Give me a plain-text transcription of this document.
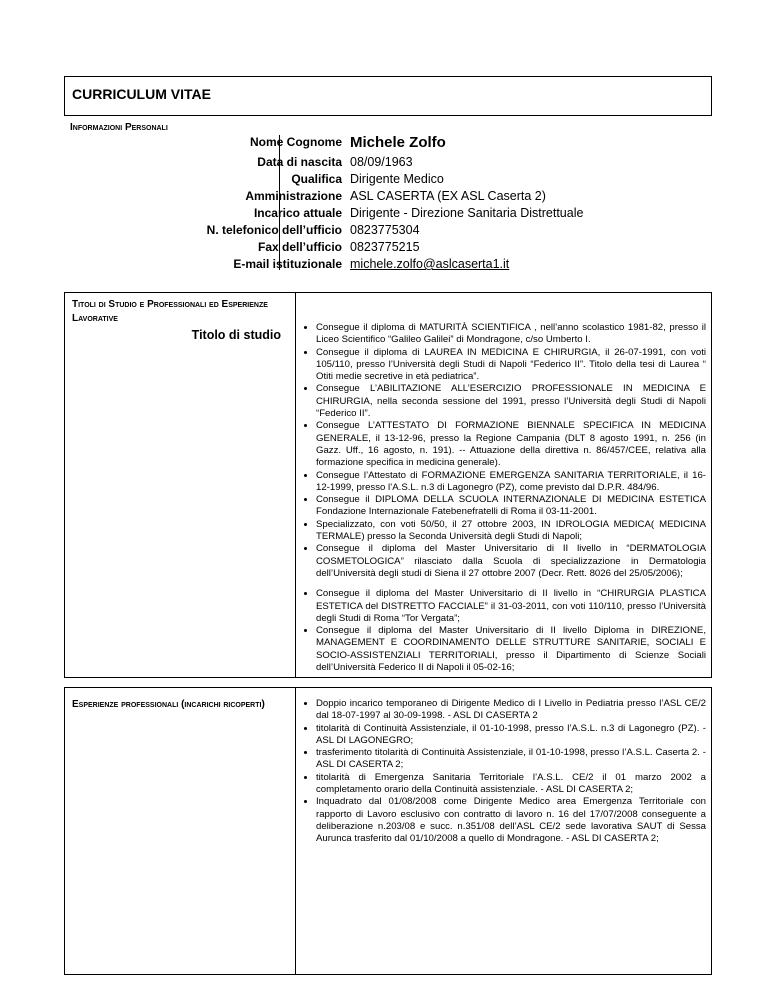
CURRICULUM VITAE
Informazioni Personali
Nome Cognome Michele Zolfo
Data di nascita 08/09/1963
Qualifica Dirigente Medico
Amministrazione ASL CASERTA (EX ASL Caserta 2)
Incarico attuale Dirigente - Direzione Sanitaria Distrettuale
N. telefonico dell’ufficio 0823775304
Fax dell’ufficio 0823775215
E-mail istituzionale michele.zolfo@aslcaserta1.it
Titoli di Studio e Professionali ed Esperienze Lavorative
Titolo di studio
• Consegue il diploma di MATURITÀ SCIENTIFICA , nell’anno scolastico 1981-82, presso il Liceo Scientifico “Galileo Galilei” di Mondragone, c/so Umberto I.
• Consegue il diploma di LAUREA IN MEDICINA E CHIRURGIA, il 26-07-1991, con voti 105/110, presso l’Università degli Studi di Napoli “Federico II”. Titolo della tesi di Laurea “ Otiti medie secretive in età pediatrica”.
• Consegue L’ABILITAZIONE ALL’ESERCIZIO PROFESSIONALE IN MEDICINA E CHIRURGIA, nella seconda sessione del 1991, presso l’Università degli Studi di Napoli “Federico II”.
• Consegue L’ATTESTATO DI FORMAZIONE BIENNALE SPECIFICA IN MEDICINA GENERALE, il 13-12-96, presso la Regione Campania (DLT 8 agosto 1991, n. 256 (in Gazz. Uff., 16 agosto, n. 191). -- Attuazione della direttiva n. 86/457/CEE, relativa alla formazione specifica in medicina generale).
• Consegue l’Attestato di FORMAZIONE EMERGENZA SANITARIA TERRITORIALE, il 16-12-1999, presso l’A.S.L. n.3 di Lagonegro (PZ), come previsto dal D.P.R. 484/96.
• Consegue il DIPLOMA DELLA SCUOLA INTERNAZIONALE DI MEDICINA ESTETICA Fondazione Internazionale Fatebenefratelli di Roma il 03-11-2001.
• Specializzato, con voti 50/50, il 27 ottobre 2003, IN IDROLOGIA MEDICA( MEDICINA TERMALE) presso la Seconda Università degli Studi di Napoli;
• Consegue il diploma del Master Universitario di II livello in “DERMATOLOGIA COSMETOLOGICA” rilasciato dalla Scuola di specializzazione in Dermatologia dell’Università degli studi di Siena il 27 ottobre 2007 (Decr. Rett. 8026 del 25/05/2006);
• Consegue il diploma del Master Universitario di II livello in “CHIRURGIA PLASTICA ESTETICA del DISTRETTO FACCIALE” il 31-03-2011, con voti 110/110, presso l’Università degli Studi di Roma “Tor Vergata”;
• Consegue il diploma del Master Universitario di II livello Diploma in DIREZIONE, MANAGEMENT E COORDINAMENTO DELLE STRUTTURE SANITARIE, SOCIALI E SOCIO-ASSISTENZIALI TERRITORIALI, presso il Dipartimento di Scienze Sociali dell’Università Federico II di Napoli il 05-02-16;
Esperienze professionali (incarichi ricoperti)
•	Doppio incarico temporaneo di Dirigente Medico di I Livello in Pediatria presso l’ASL CE/2 dal 18-07-1997 al 30-09-1998. - ASL DI CASERTA 2
• titolarità di Continuità Assistenziale, il 01-10-1998, presso l’A.S.L. n.3 di Lagonegro (PZ). - ASL DI LAGONEGRO;
• trasferimento titolarità di Continuità Assistenziale, il 01-10-1998, presso l’A.S.L. Caserta 2. - ASL DI CASERTA 2;
• titolarità di Emergenza Sanitaria Territoriale l’A.S.L. CE/2 il 01 marzo 2002 a completamento orario della Continuità assistenziale. - ASL DI CASERTA 2;
• Inquadrato dal 01/08/2008 come Dirigente Medico area Emergenza Territoriale con rapporto di Lavoro esclusivo con contratto di lavoro n. 16 del 17/07/2008 conseguente a deliberazione n.203/08 e succ. n.351/08 dell’ASL CE/2 sede lavorativa SAUT di Sessa Aurunca trasferito dal 01/10/2008 a quello di Mondragone. - ASL DI CASERTA 2;
